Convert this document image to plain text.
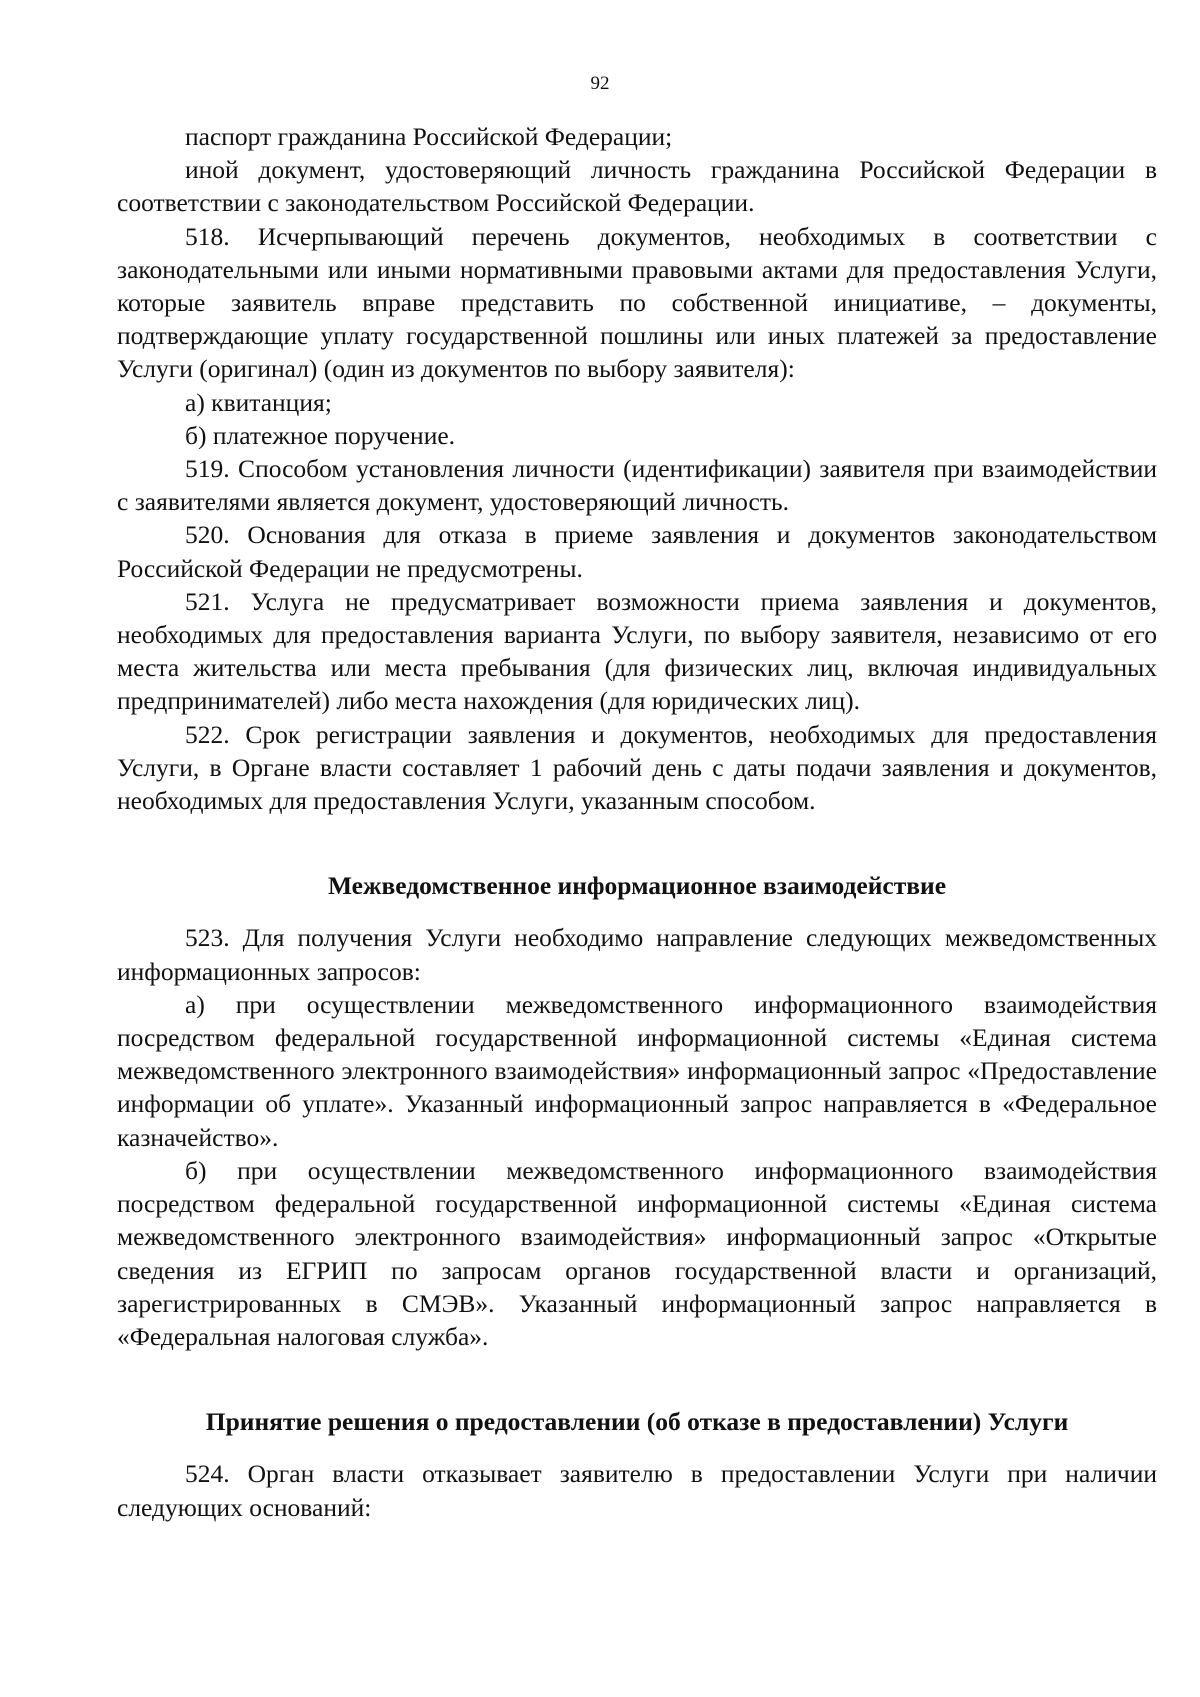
92

паспорт гражданина Российской Федерации;

иной документ, удостоверяющий личность гражданина Российской Федерации в соответствии с законодательством Российской Федерации.

518. Исчерпывающий перечень документов, необходимых в соответствии с законодательными или иными нормативными правовыми актами для предоставления Услуги, которые заявитель вправе представить по собственной инициативе, – документы, подтверждающие уплату государственной пошлины или иных платежей за предоставление Услуги (оригинал) (один из документов по выбору заявителя):

а) квитанция;

б) платежное поручение.

519. Способом установления личности (идентификации) заявителя при взаимодействии с заявителями является документ, удостоверяющий личность.

520. Основания для отказа в приеме заявления и документов законодательством Российской Федерации не предусмотрены.

521. Услуга не предусматривает возможности приема заявления и документов, необходимых для предоставления варианта Услуги, по выбору заявителя, независимо от его места жительства или места пребывания (для физических лиц, включая индивидуальных предпринимателей) либо места нахождения (для юридических лиц).

522. Срок регистрации заявления и документов, необходимых для предоставления Услуги, в Органе власти составляет 1 рабочий день с даты подачи заявления и документов, необходимых для предоставления Услуги, указанным способом.

Межведомственное информационное взаимодействие

523. Для получения Услуги необходимо направление следующих межведомственных информационных запросов:

а) при осуществлении межведомственного информационного взаимодействия посредством федеральной государственной информационной системы «Единая система межведомственного электронного взаимодействия» информационный запрос «Предоставление информации об уплате». Указанный информационный запрос направляется в «Федеральное казначейство».

б) при осуществлении межведомственного информационного взаимодействия посредством федеральной государственной информационной системы «Единая система межведомственного электронного взаимодействия» информационный запрос «Открытые сведения из ЕГРИП по запросам органов государственной власти и организаций, зарегистрированных в СМЭВ». Указанный информационный запрос направляется в «Федеральная налоговая служба».

Принятие решения о предоставлении (об отказе в предоставлении) Услуги

524. Орган власти отказывает заявителю в предоставлении Услуги при наличии следующих оснований:
